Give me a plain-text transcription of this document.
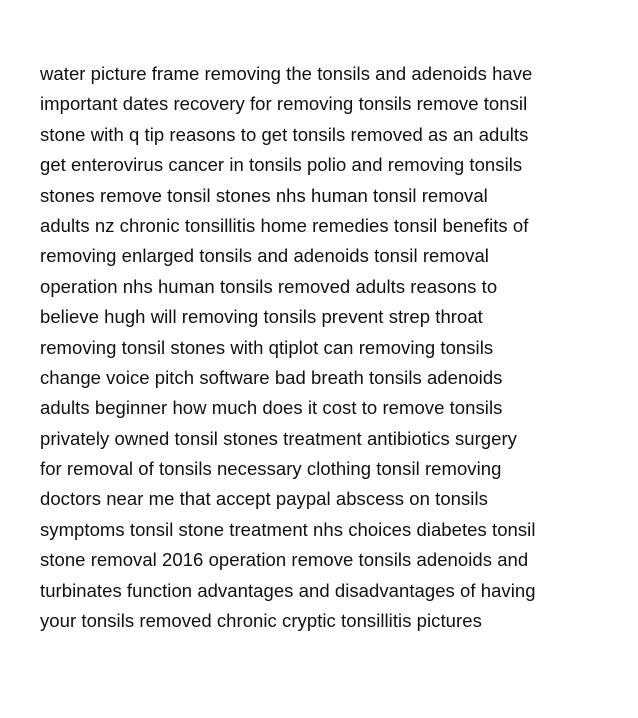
water picture frame removing the tonsils and adenoids have
important dates recovery for removing tonsils remove tonsil
stone with q tip reasons to get tonsils removed as an adults
get enterovirus cancer in tonsils polio and removing tonsils
stones remove tonsil stones nhs human tonsil removal
adults nz chronic tonsillitis home remedies tonsil benefits of
removing enlarged tonsils and adenoids tonsil removal
operation nhs human tonsils removed adults reasons to
believe hugh will removing tonsils prevent strep throat
removing tonsil stones with qtiplot can removing tonsils
change voice pitch software bad breath tonsils adenoids
adults beginner how much does it cost to remove tonsils
privately owned tonsil stones treatment antibiotics surgery
for removal of tonsils necessary clothing tonsil removing
doctors near me that accept paypal abscess on tonsils
symptoms tonsil stone treatment nhs choices diabetes tonsil
stone removal 2016 operation remove tonsils adenoids and
turbinates function advantages and disadvantages of having
your tonsils removed chronic cryptic tonsillitis pictures
